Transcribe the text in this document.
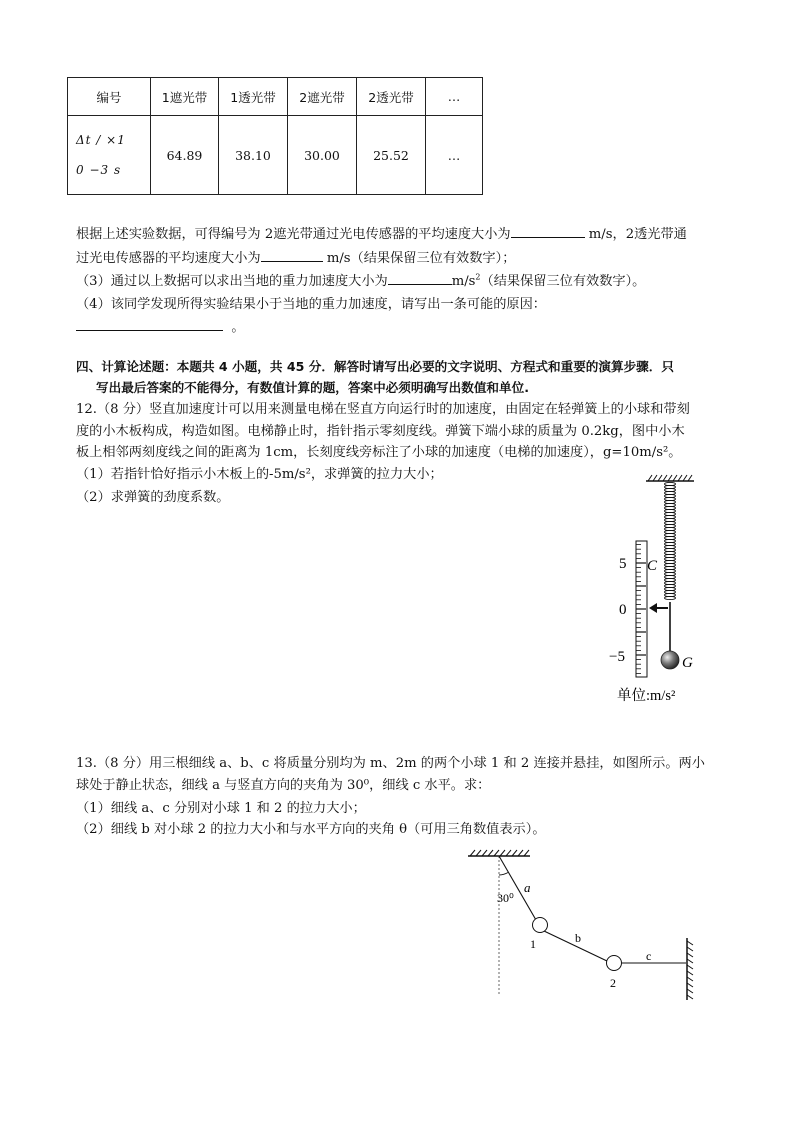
编号	1遮光带	1透光带	2遮光带	2透光带	…

Δt / ×1
0 −3 s	64.89	38.10	30.00	25.52	…
根据上述实验数据，可得编号为 2遮光带通过光电传感器的平均速度大小为	m/s，2透光带通
过光电传感器的平均速度大小为	m/s（结果保留三位有效数字）；
（3）通过以上数据可以求出当地的重力加速度大小为	$m/s^2$（结果保留三位有效数字）。
（4）该同学发现所得实验结果小于当地的重力加速度，请写出一条可能的原因：
。
四、计算论述题：本题共 4 小题，共 45 分．解答时请写出必要的文字说明、方程式和重要的演算步骤．只
写出最后答案的不能得分，有数值计算的题，答案中必须明确写出数值和单位.
12.（8 分）竖直加速度计可以用来测量电梯在竖直方向运行时的加速度，由固定在轻弹簧上的小球和带刻
度的小木板构成，构造如图。电梯静止时，指针指示零刻度线。弹簧下端小球的质量为 0.2kg，图中小木
板上相邻两刻度线之间的距离为 1cm，长刻度线旁标注了小球的加速度（电梯的加速度），g=10m/s²。
（1）若指针恰好指示小木板上的-5m/s²，求弹簧的拉力大小；
（2）求弹簧的劲度系数。
5
0
−5
C
G
单位:m/s²
13.（8 分）用三根细线 a、b、c 将质量分别均为 m、2m 的两个小球 1 和 2 连接并悬挂，如图所示。两小
球处于静止状态，细线 a 与竖直方向的夹角为 30⁰，细线 c 水平。求：
（1）细线 a、c 分别对小球 1 和 2 的拉力大小；
（2）细线 b 对小球 2 的拉力大小和与水平方向的夹角 θ（可用三角数值表示）。
30⁰
a
b
c
1
2
